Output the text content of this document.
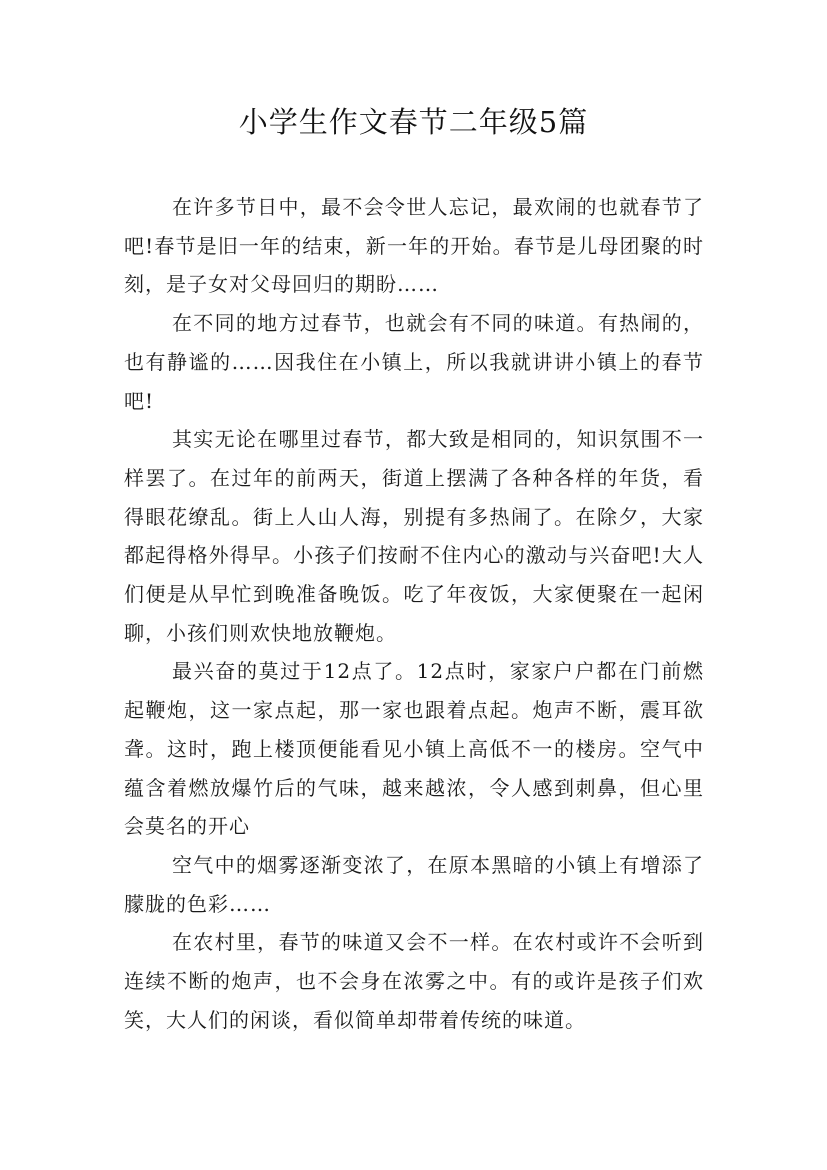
小学生作文春节二年级5篇

在许多节日中，最不会令世人忘记，最欢闹的也就春节了吧!春节是旧一年的结束，新一年的开始。春节是儿母团聚的时刻，是子女对父母回归的期盼……

在不同的地方过春节，也就会有不同的味道。有热闹的，也有静谧的……因我住在小镇上，所以我就讲讲小镇上的春节吧!

其实无论在哪里过春节，都大致是相同的，知识氛围不一样罢了。在过年的前两天，街道上摆满了各种各样的年货，看得眼花缭乱。街上人山人海，别提有多热闹了。在除夕，大家都起得格外得早。小孩子们按耐不住内心的激动与兴奋吧!大人们便是从早忙到晚准备晚饭。吃了年夜饭，大家便聚在一起闲聊，小孩们则欢快地放鞭炮。

最兴奋的莫过于12点了。12点时，家家户户都在门前燃起鞭炮，这一家点起，那一家也跟着点起。炮声不断，震耳欲聋。这时，跑上楼顶便能看见小镇上高低不一的楼房。空气中蕴含着燃放爆竹后的气味，越来越浓，令人感到刺鼻，但心里会莫名的开心

空气中的烟雾逐渐变浓了，在原本黑暗的小镇上有增添了朦胧的色彩……

在农村里，春节的味道又会不一样。在农村或许不会听到连续不断的炮声，也不会身在浓雾之中。有的或许是孩子们欢笑，大人们的闲谈，看似简单却带着传统的味道。
